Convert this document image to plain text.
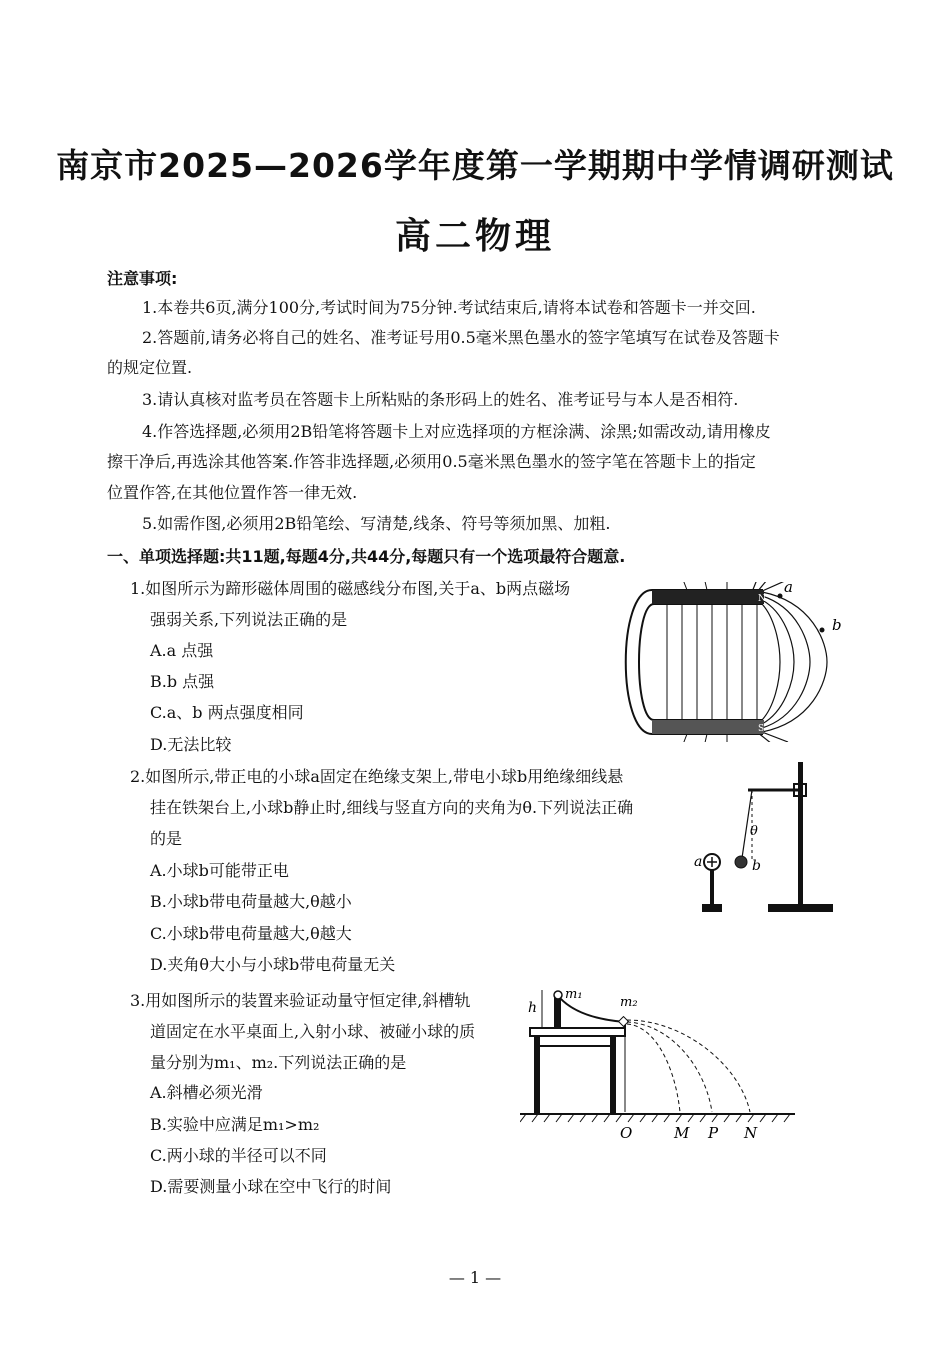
南京市2025—2026学年度第一学期期中学情调研测试
高二物理
注意事项:
1.本卷共6页,满分100分,考试时间为75分钟.考试结束后,请将本试卷和答题卡一并交回.
2.答题前,请务必将自己的姓名、准考证号用0.5毫米黑色墨水的签字笔填写在试卷及答题卡
的规定位置.
3.请认真核对监考员在答题卡上所粘贴的条形码上的姓名、准考证号与本人是否相符.
4.作答选择题,必须用2B铅笔将答题卡上对应选择项的方框涂满、涂黑;如需改动,请用橡皮
擦干净后,再选涂其他答案.作答非选择题,必须用0.5毫米黑色墨水的签字笔在答题卡上的指定
位置作答,在其他位置作答一律无效.
5.如需作图,必须用2B铅笔绘、写清楚,线条、符号等须加黑、加粗.
一、单项选择题:共11题,每题4分,共44分,每题只有一个选项最符合题意.
1.如图所示为蹄形磁体周围的磁感线分布图,关于a、b两点磁场
强弱关系,下列说法正确的是
A.a 点强
B.b 点强
C.a、b 两点强度相同
D.无法比较
N
S
a
b
2.如图所示,带正电的小球a固定在绝缘支架上,带电小球b用绝缘细线悬
挂在铁架台上,小球b静止时,细线与竖直方向的夹角为θ.下列说法正确
的是
A.小球b可能带正电
B.小球b带电荷量越大,θ越小
C.小球b带电荷量越大,θ越大
D.夹角θ大小与小球b带电荷量无关
θ
b
a
3.用如图所示的装置来验证动量守恒定律,斜槽轨
道固定在水平桌面上,入射小球、被碰小球的质
量分别为m₁、m₂.下列说法正确的是
A.斜槽必须光滑
B.实验中应满足m₁>m₂
C.两小球的半径可以不同
D.需要测量小球在空中飞行的时间
h
m₁
m₂
O	M P N
— 1 —
